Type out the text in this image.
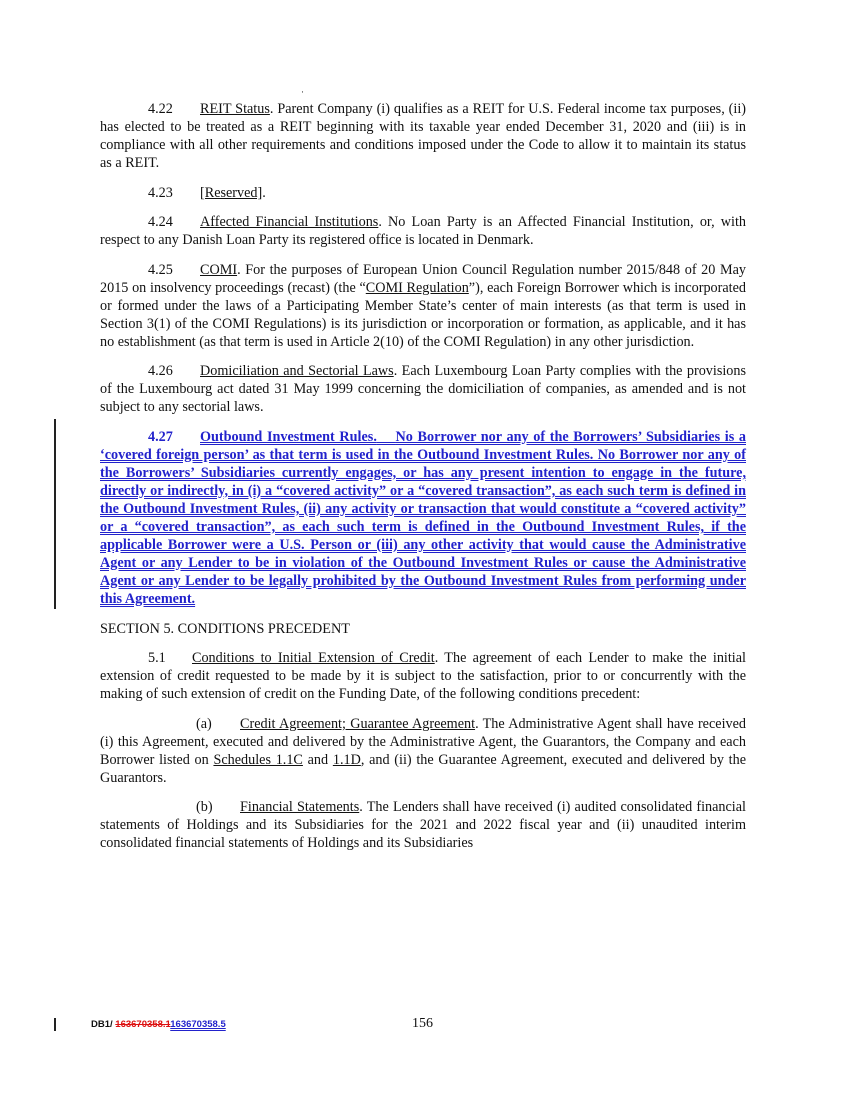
·

4.22 REIT Status. Parent Company (i) qualifies as a REIT for U.S. Federal income tax purposes, (ii) has elected to be treated as a REIT beginning with its taxable year ended December 31, 2020 and (iii) is in compliance with all other requirements and conditions imposed under the Code to allow it to maintain its status as a REIT.

4.23 [Reserved].

4.24 Affected Financial Institutions. No Loan Party is an Affected Financial Institution, or, with respect to any Danish Loan Party its registered office is located in Denmark.

4.25 COMI. For the purposes of European Union Council Regulation number 2015/848 of 20 May 2015 on insolvency proceedings (recast) (the “COMI Regulation”), each Foreign Borrower which is incorporated or formed under the laws of a Participating Member State’s center of main interests (as that term is used in Section 3(1) of the COMI Regulations) is its jurisdiction or incorporation or formation, as applicable, and it has no establishment (as that term is used in Article 2(10) of the COMI Regulation) in any other jurisdiction.

4.26 Domiciliation and Sectorial Laws. Each Luxembourg Loan Party complies with the provisions of the Luxembourg act dated 31 May 1999 concerning the domiciliation of companies, as amended and is not subject to any sectorial laws.

4.27 Outbound Investment Rules. No Borrower nor any of the Borrowers’ Subsidiaries is a ‘covered foreign person’ as that term is used in the Outbound Investment Rules. No Borrower nor any of the Borrowers’ Subsidiaries currently engages, or has any present intention to engage in the future, directly or indirectly, in (i) a “covered activity” or a “covered transaction”, as each such term is defined in the Outbound Investment Rules, (ii) any activity or transaction that would constitute a “covered activity” or a “covered transaction”, as each such term is defined in the Outbound Investment Rules, if the applicable Borrower were a U.S. Person or (iii) any other activity that would cause the Administrative Agent or any Lender to be in violation of the Outbound Investment Rules or cause the Administrative Agent or any Lender to be legally prohibited by the Outbound Investment Rules from performing under this Agreement.

SECTION 5. CONDITIONS PRECEDENT

5.1 Conditions to Initial Extension of Credit. The agreement of each Lender to make the initial extension of credit requested to be made by it is subject to the satisfaction, prior to or concurrently with the making of such extension of credit on the Funding Date, of the following conditions precedent:

(a) Credit Agreement; Guarantee Agreement. The Administrative Agent shall have received (i) this Agreement, executed and delivered by the Administrative Agent, the Guarantors, the Company and each Borrower listed on Schedules 1.1C and 1.1D, and (ii) the Guarantee Agreement, executed and delivered by the Guarantors.

(b) Financial Statements. The Lenders shall have received (i) audited consolidated financial statements of Holdings and its Subsidiaries for the 2021 and 2022 fiscal year and (ii) unaudited interim consolidated financial statements of Holdings and its Subsidiaries

DB1/ 163670358.1163670358.5	156
